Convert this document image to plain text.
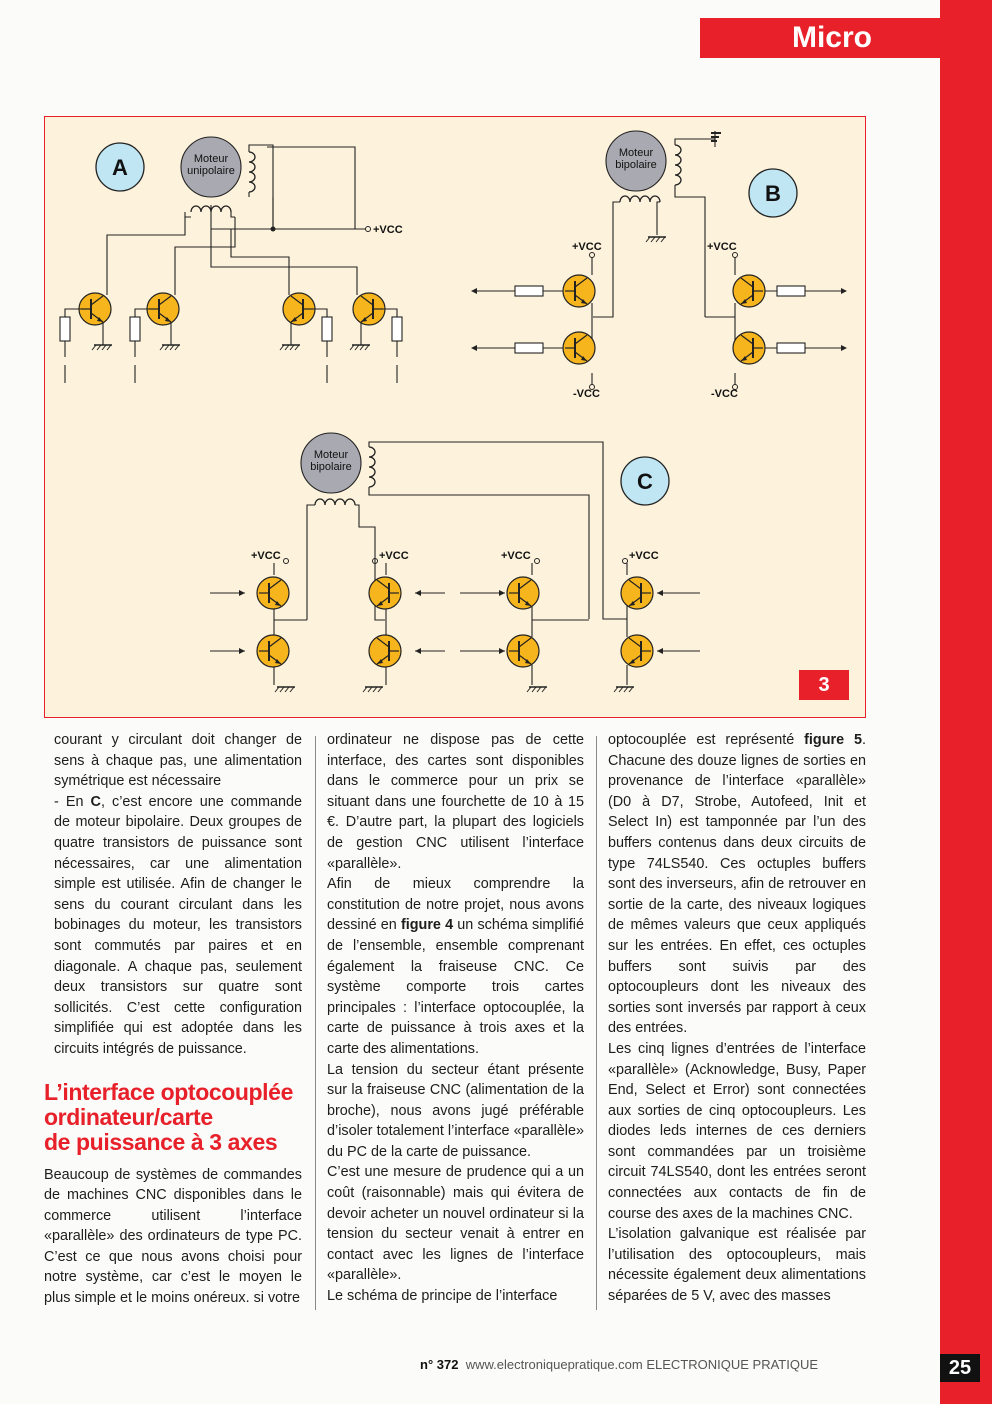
Micro
A	Moteur
unipolaire
+VCC
Moteur
bipolaire
B
+VCC	+VCC
-VCC	-VCC
Moteur
bipolaire
C
+VCC	+VCC	+VCC	+VCC
3

courant y circulant doit changer de sens à chaque pas, une alimentation symétrique est nécessaire

- En C, c’est encore une commande de moteur bipolaire. Deux groupes de quatre transistors de puissance sont nécessaires, car une alimentation simple est utilisée. Afin de changer le sens du courant circulant dans les bobinages du moteur, les transistors sont commutés par paires et en diagonale. A chaque pas, seulement deux transistors sur quatre sont sollicités. C’est cette configuration simplifiée qui est adoptée dans les circuits intégrés de puissance.

L’interface optocouplée
ordinateur/carte
de puissance à 3 axes

Beaucoup de systèmes de commandes de machines CNC disponibles dans le commerce utilisent l’interface «parallèle» des ordinateurs de type PC. C’est ce que nous avons choisi pour notre système, car c’est le moyen le plus simple et le moins onéreux. si votre

ordinateur ne dispose pas de cette interface, des cartes sont disponibles dans le commerce pour un prix se situant dans une fourchette de 10 à 15 €. D’autre part, la plupart des logiciels de gestion CNC utilisent l’interface «parallèle».

Afin de mieux comprendre la constitution de notre projet, nous avons dessiné en figure 4 un schéma simplifié de l’ensemble, ensemble comprenant également la fraiseuse CNC. Ce système comporte trois cartes principales : l’interface optocouplée, la carte de puissance à trois axes et la carte des alimentations.

La tension du secteur étant présente sur la fraiseuse CNC (alimentation de la broche), nous avons jugé préférable d’isoler totalement l’interface «parallèle» du PC de la carte de puissance.

C’est une mesure de prudence qui a un coût (raisonnable) mais qui évitera de devoir acheter un nouvel ordinateur si la tension du secteur venait à entrer en contact avec les lignes de l’interface «parallèle».

Le schéma de principe de l’interface

optocouplée est représenté figure 5. Chacune des douze lignes de sorties en provenance de l’interface «parallèle» (D0 à D7, Strobe, Autofeed, Init et Select In) est tamponnée par l’un des buffers contenus dans deux circuits de type 74LS540. Ces octuples buffers sont des inverseurs, afin de retrouver en sortie de la carte, des niveaux logiques de mêmes valeurs que ceux appliqués sur les entrées. En effet, ces octuples buffers sont suivis par des optocoupleurs dont les niveaux des sorties sont inversés par rapport à ceux des entrées.

Les cinq lignes d’entrées de l’interface «parallèle» (Acknowledge, Busy, Paper End, Select et Error) sont connectées aux sorties de cinq optocoupleurs. Les diodes leds internes de ces derniers sont commandées par un troisième circuit 74LS540, dont les entrées seront connectées aux contacts de fin de course des axes de la machines CNC.

L’isolation galvanique est réalisée par l’utilisation des optocoupleurs, mais nécessite également deux alimentations séparées de 5 V, avec des masses

n° 372 www.electroniquepratique.com ELECTRONIQUE PRATIQUE	25
